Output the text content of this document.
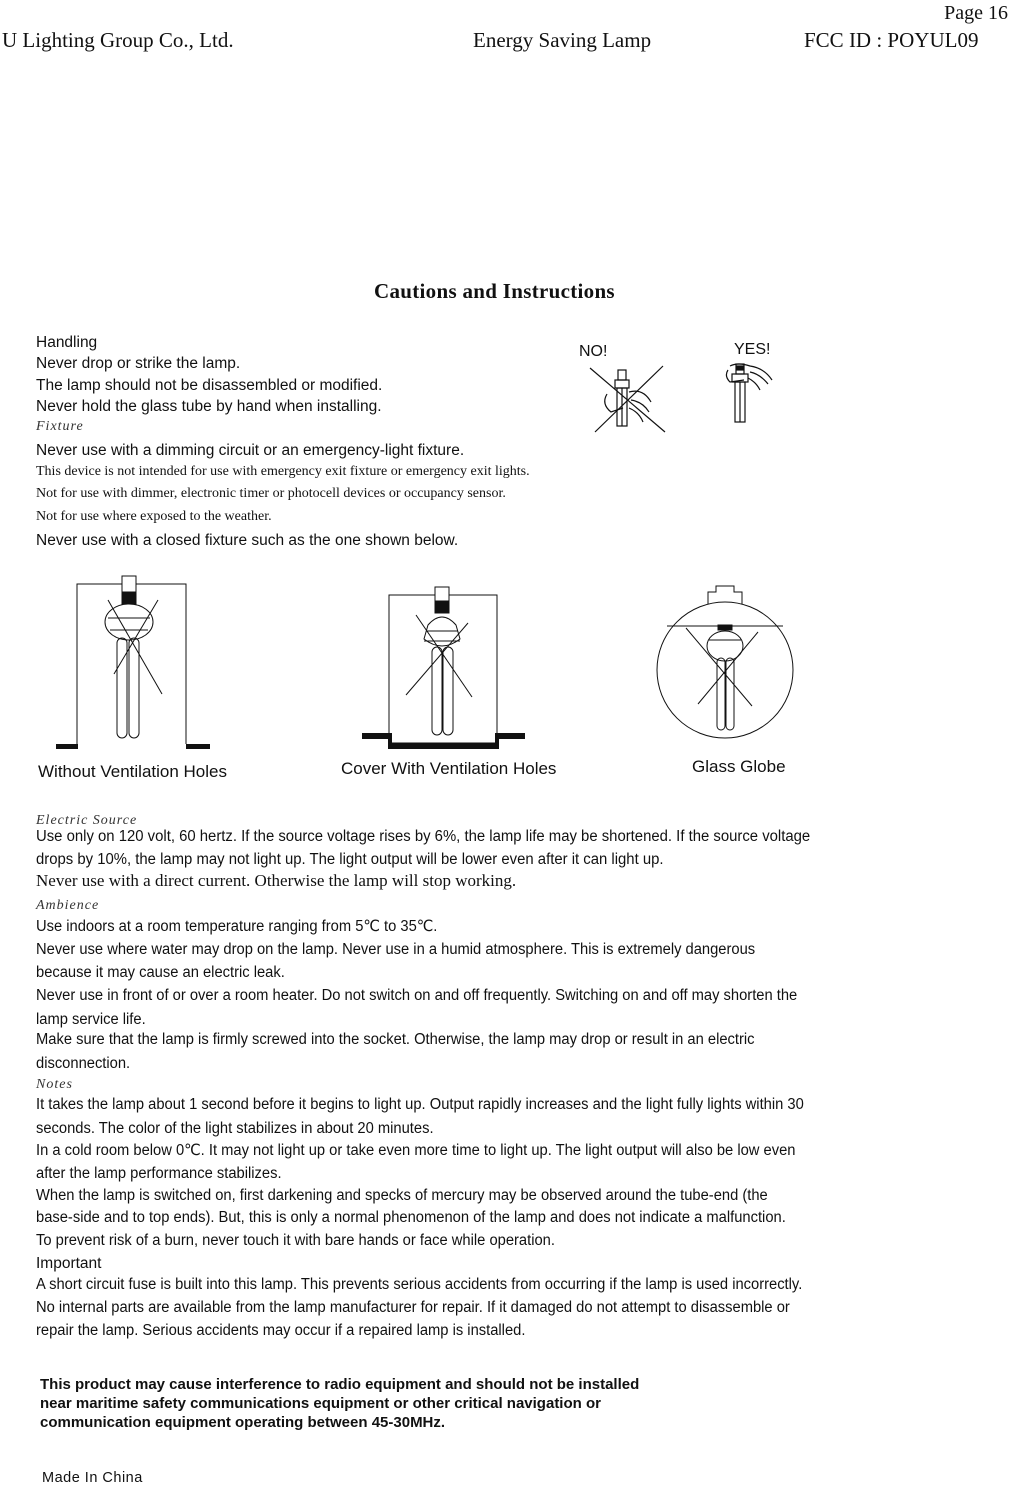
Page 16
U Lighting Group Co., Ltd.	Energy Saving Lamp	FCC ID : POYUL09
Cautions and Instructions
Handling
Never drop or strike the lamp.
The lamp should not be disassembled or modified.
Never hold the glass tube by hand when installing.
NO!	YES!
Fixture
Never use with a dimming circuit or an emergency-light fixture.
This device is not intended for use with emergency exit fixture or emergency exit lights.
Not for use with dimmer, electronic timer or photocell devices or occupancy sensor.
Not for use where exposed to the weather.
Never use with a closed fixture such as the one shown below.
Without Ventilation Holes	Cover With Ventilation Holes	Glass Globe
Electric Source
Use only on 120 volt, 60 hertz. If the source voltage rises by 6%, the lamp life may be shortened. If the source voltage
drops by 10%, the lamp may not light up. The light output will be lower even after it can light up.
Never use with a direct current. Otherwise the lamp will stop working.
Ambience
Use indoors at a room temperature ranging from 5℃ to 35℃.
Never use where water may drop on the lamp. Never use in a humid atmosphere. This is extremely dangerous
because it may cause an electric leak.
Never use in front of or over a room heater. Do not switch on and off frequently. Switching on and off may shorten the
lamp service life.
Make sure that the lamp is firmly screwed into the socket. Otherwise, the lamp may drop or result in an electric
disconnection.
Notes
It takes the lamp about 1 second before it begins to light up. Output rapidly increases and the light fully lights within 30
seconds. The color of the light stabilizes in about 20 minutes.
In a cold room below 0℃. It may not light up or take even more time to light up. The light output will also be low even
after the lamp performance stabilizes.
When the lamp is switched on, first darkening and specks of mercury may be observed around the tube-end (the
base-side and to top ends). But, this is only a normal phenomenon of the lamp and does not indicate a malfunction.
To prevent risk of a burn, never touch it with bare hands or face while operation.
Important
A short circuit fuse is built into this lamp. This prevents serious accidents from occurring if the lamp is used incorrectly.
No internal parts are available from the lamp manufacturer for repair. If it damaged do not attempt to disassemble or
repair the lamp. Serious accidents may occur if a repaired lamp is installed.
This product may cause interference to radio equipment and should not be installed
near maritime safety communications equipment or other critical navigation or
communication equipment operating between 45-30MHz.
Made In China
